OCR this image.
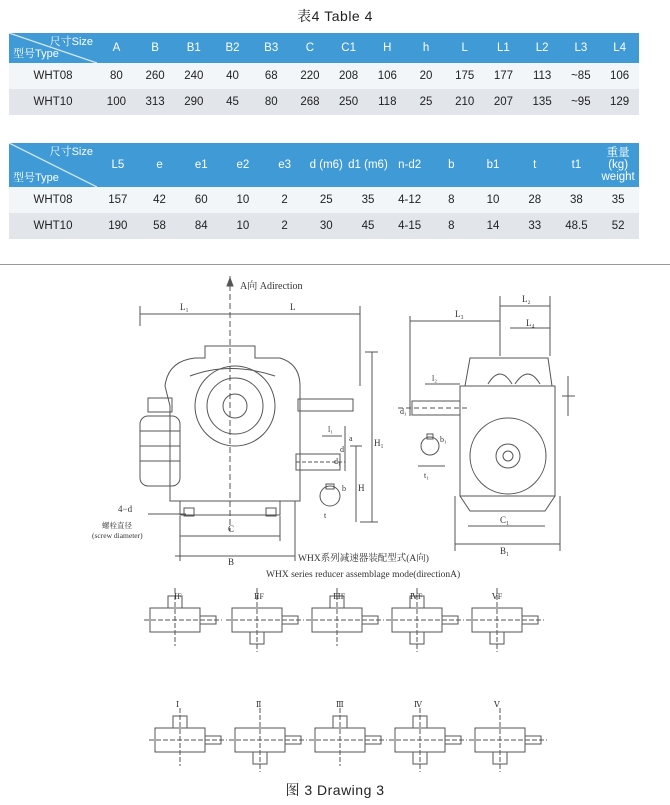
表4 Table 4
尺寸Size
型号Type	A	B	B1	B2	B3	C	C1	H	h	L	L1	L2	L3	L4
WHT08	80	260	240	40	68	220	208	106	20	175	177	113	~85	106
WHT10	100	313	290	45	80	268	250	118	25	210	207	135	~95	129
尺寸Size
型号Type	L5	e	e1	e2	e3	d (m6)	d1 (m6)	n-d2	b	b1	t	t1	重量 (kg) weight
WHT08	157	42	60	10	2	25	35	4-12	8	10	28	38	35
WHT10	190	58	84	10	2	30	45	4-15	8	14	33	48.5	52
A向 Adirection
L₁	L
C
B
H₁
H
a
d
d₁
l₁
b
t
4−d
螺栓直径
(screw diameter)
L₃
L₂
L₄
l₂
d₁
b₁
t₁
C₁
B₁
WHX系列减速器装配型式(A向)
WHX series reducer assemblage mode(directionA)
ⅠF	ⅡF	ⅢF	ⅣF	ⅤF
Ⅰ	Ⅱ	Ⅲ	Ⅳ	Ⅴ
图 3 Drawing 3
